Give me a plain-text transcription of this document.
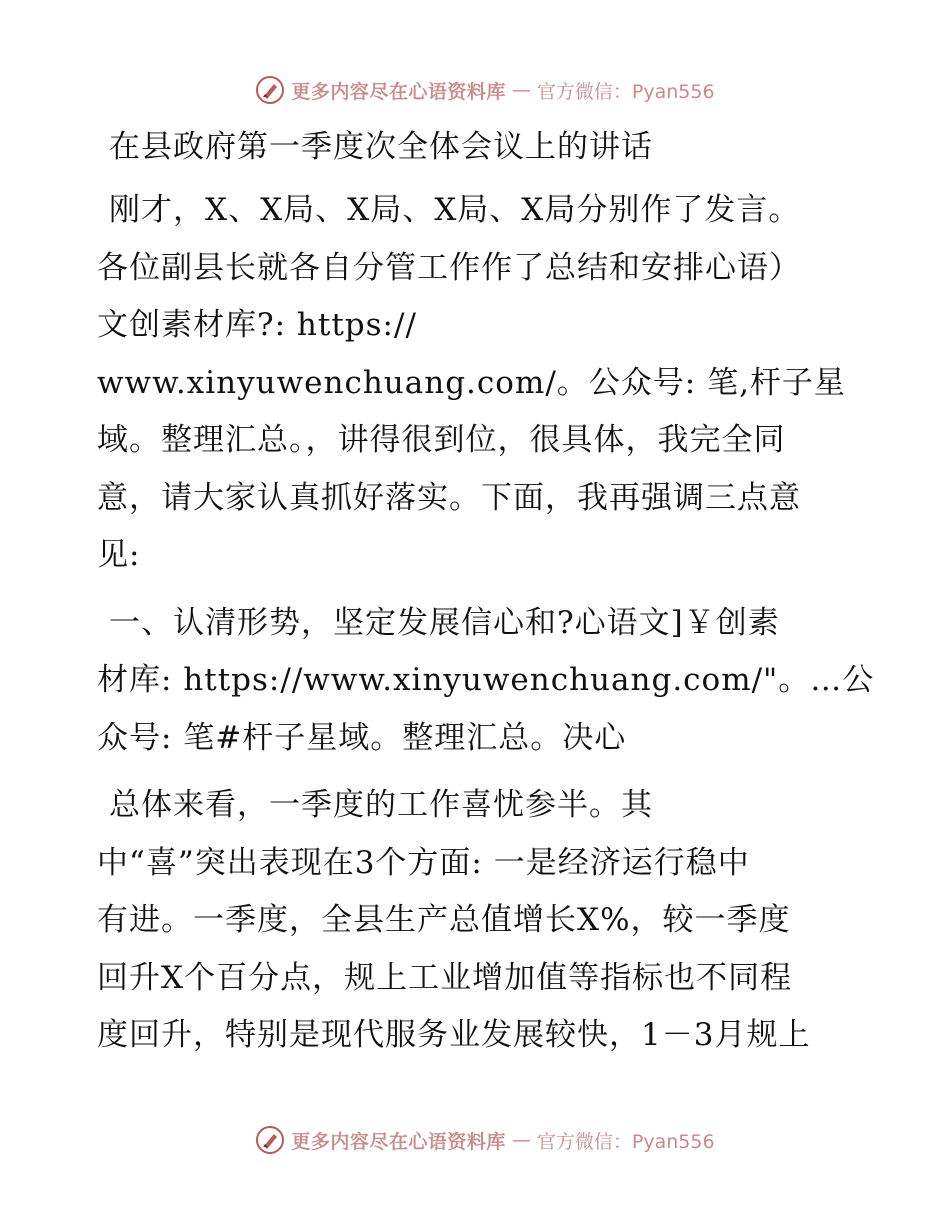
更多内容尽在心语资料库 — 官方微信：Pyan556
在县政府第一季度次全体会议上的讲话
刚才，X、X局、X局、X局、X局分别作了发言。
各位副县长就各自分管工作作了总结和安排心语）
文创素材库?: https://
www.xinyuwenchuang.com/。公众号: 笔,杆子星
域。整理汇总。，讲得很到位，很具体，我完全同
意，请大家认真抓好落实。下面，我再强调三点意
见:
一、认清形势，坚定发展信心和?心语文]￥创素
材库: https://www.xinyuwenchuang.com/"。…公
众号: 笔#杆子星域。整理汇总。决心
总体来看，一季度的工作喜忧参半。其
中“喜”突出表现在3个方面: 一是经济运行稳中
有进。一季度，全县生产总值增长X%，较一季度
回升X个百分点，规上工业增加值等指标也不同程
度回升，特别是现代服务业发展较快，1－3月规上
更多内容尽在心语资料库 — 官方微信：Pyan556
